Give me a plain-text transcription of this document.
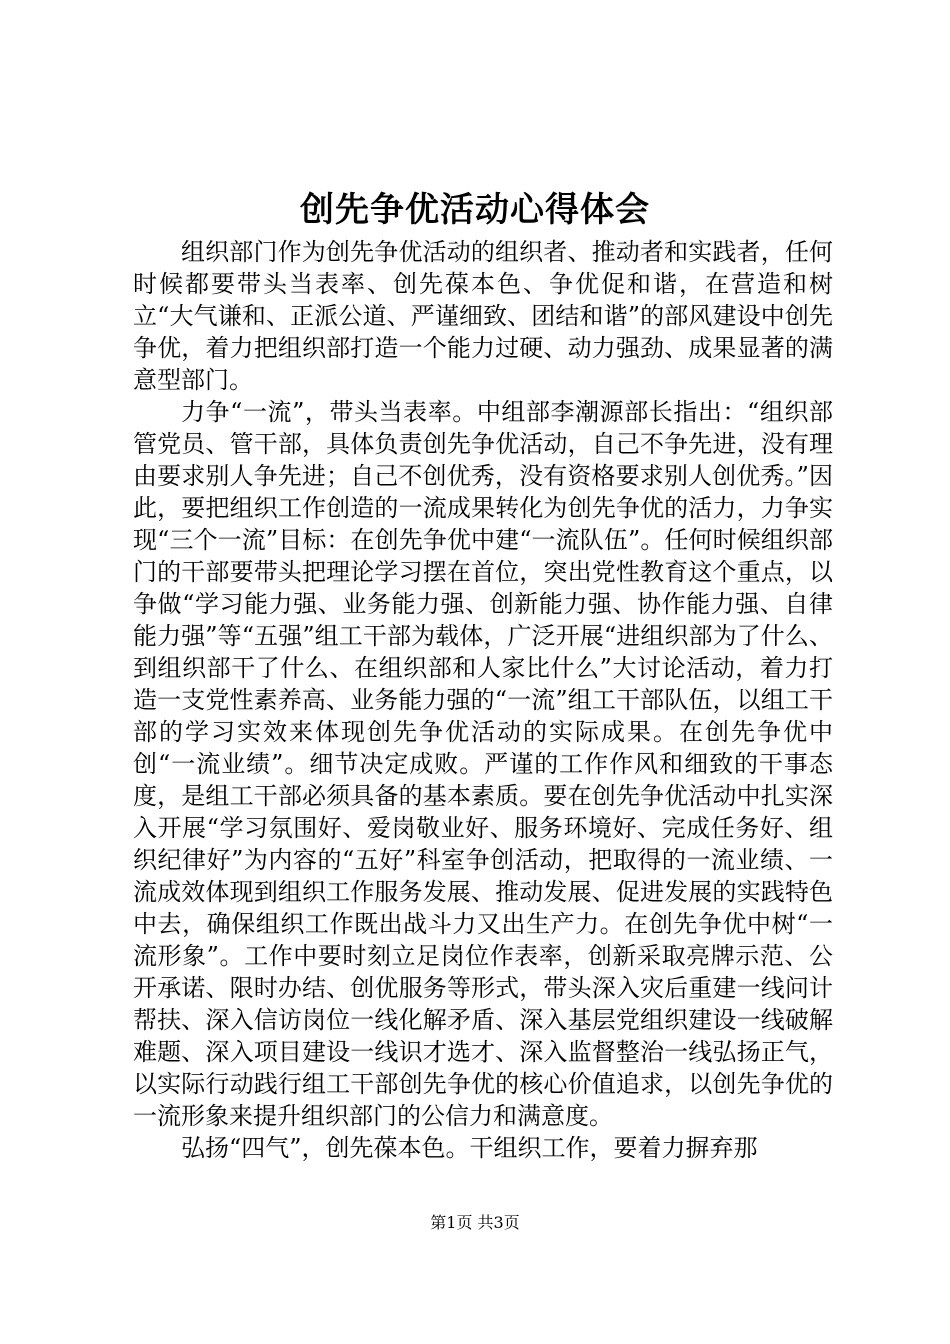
创先争优活动心得体会

组织部门作为创先争优活动的组织者、推动者和实践者，任何时候都要带头当表率、创先葆本色、争优促和谐，在营造和树立“大气谦和、正派公道、严谨细致、团结和谐”的部风建设中创先争优，着力把组织部打造一个能力过硬、动力强劲、成果显著的满意型部门。

力争“一流”，带头当表率。中组部李潮源部长指出：“组织部管党员、管干部，具体负责创先争优活动，自己不争先进，没有理由要求别人争先进；自己不创优秀，没有资格要求别人创优秀。”因此，要把组织工作创造的一流成果转化为创先争优的活力，力争实现“三个一流”目标：在创先争优中建“一流队伍”。任何时候组织部门的干部要带头把理论学习摆在首位，突出党性教育这个重点，以争做“学习能力强、业务能力强、创新能力强、协作能力强、自律能力强”等“五强”组工干部为载体，广泛开展“进组织部为了什么、到组织部干了什么、在组织部和人家比什么”大讨论活动，着力打造一支党性素养高、业务能力强的“一流”组工干部队伍，以组工干部的学习实效来体现创先争优活动的实际成果。在创先争优中创“一流业绩”。细节决定成败。严谨的工作作风和细致的干事态度，是组工干部必须具备的基本素质。要在创先争优活动中扎实深入开展“学习氛围好、爱岗敬业好、服务环境好、完成任务好、组织纪律好”为内容的“五好”科室争创活动，把取得的一流业绩、一流成效体现到组织工作服务发展、推动发展、促进发展的实践特色中去，确保组织工作既出战斗力又出生产力。在创先争优中树“一流形象”。工作中要时刻立足岗位作表率，创新采取亮牌示范、公开承诺、限时办结、创优服务等形式，带头深入灾后重建一线问计帮扶、深入信访岗位一线化解矛盾、深入基层党组织建设一线破解难题、深入项目建设一线识才选才、深入监督整治一线弘扬正气，以实际行动践行组工干部创先争优的核心价值追求，以创先争优的一流形象来提升组织部门的公信力和满意度。

弘扬“四气”，创先葆本色。干组织工作，要着力摒弃那

第1页 共3页
